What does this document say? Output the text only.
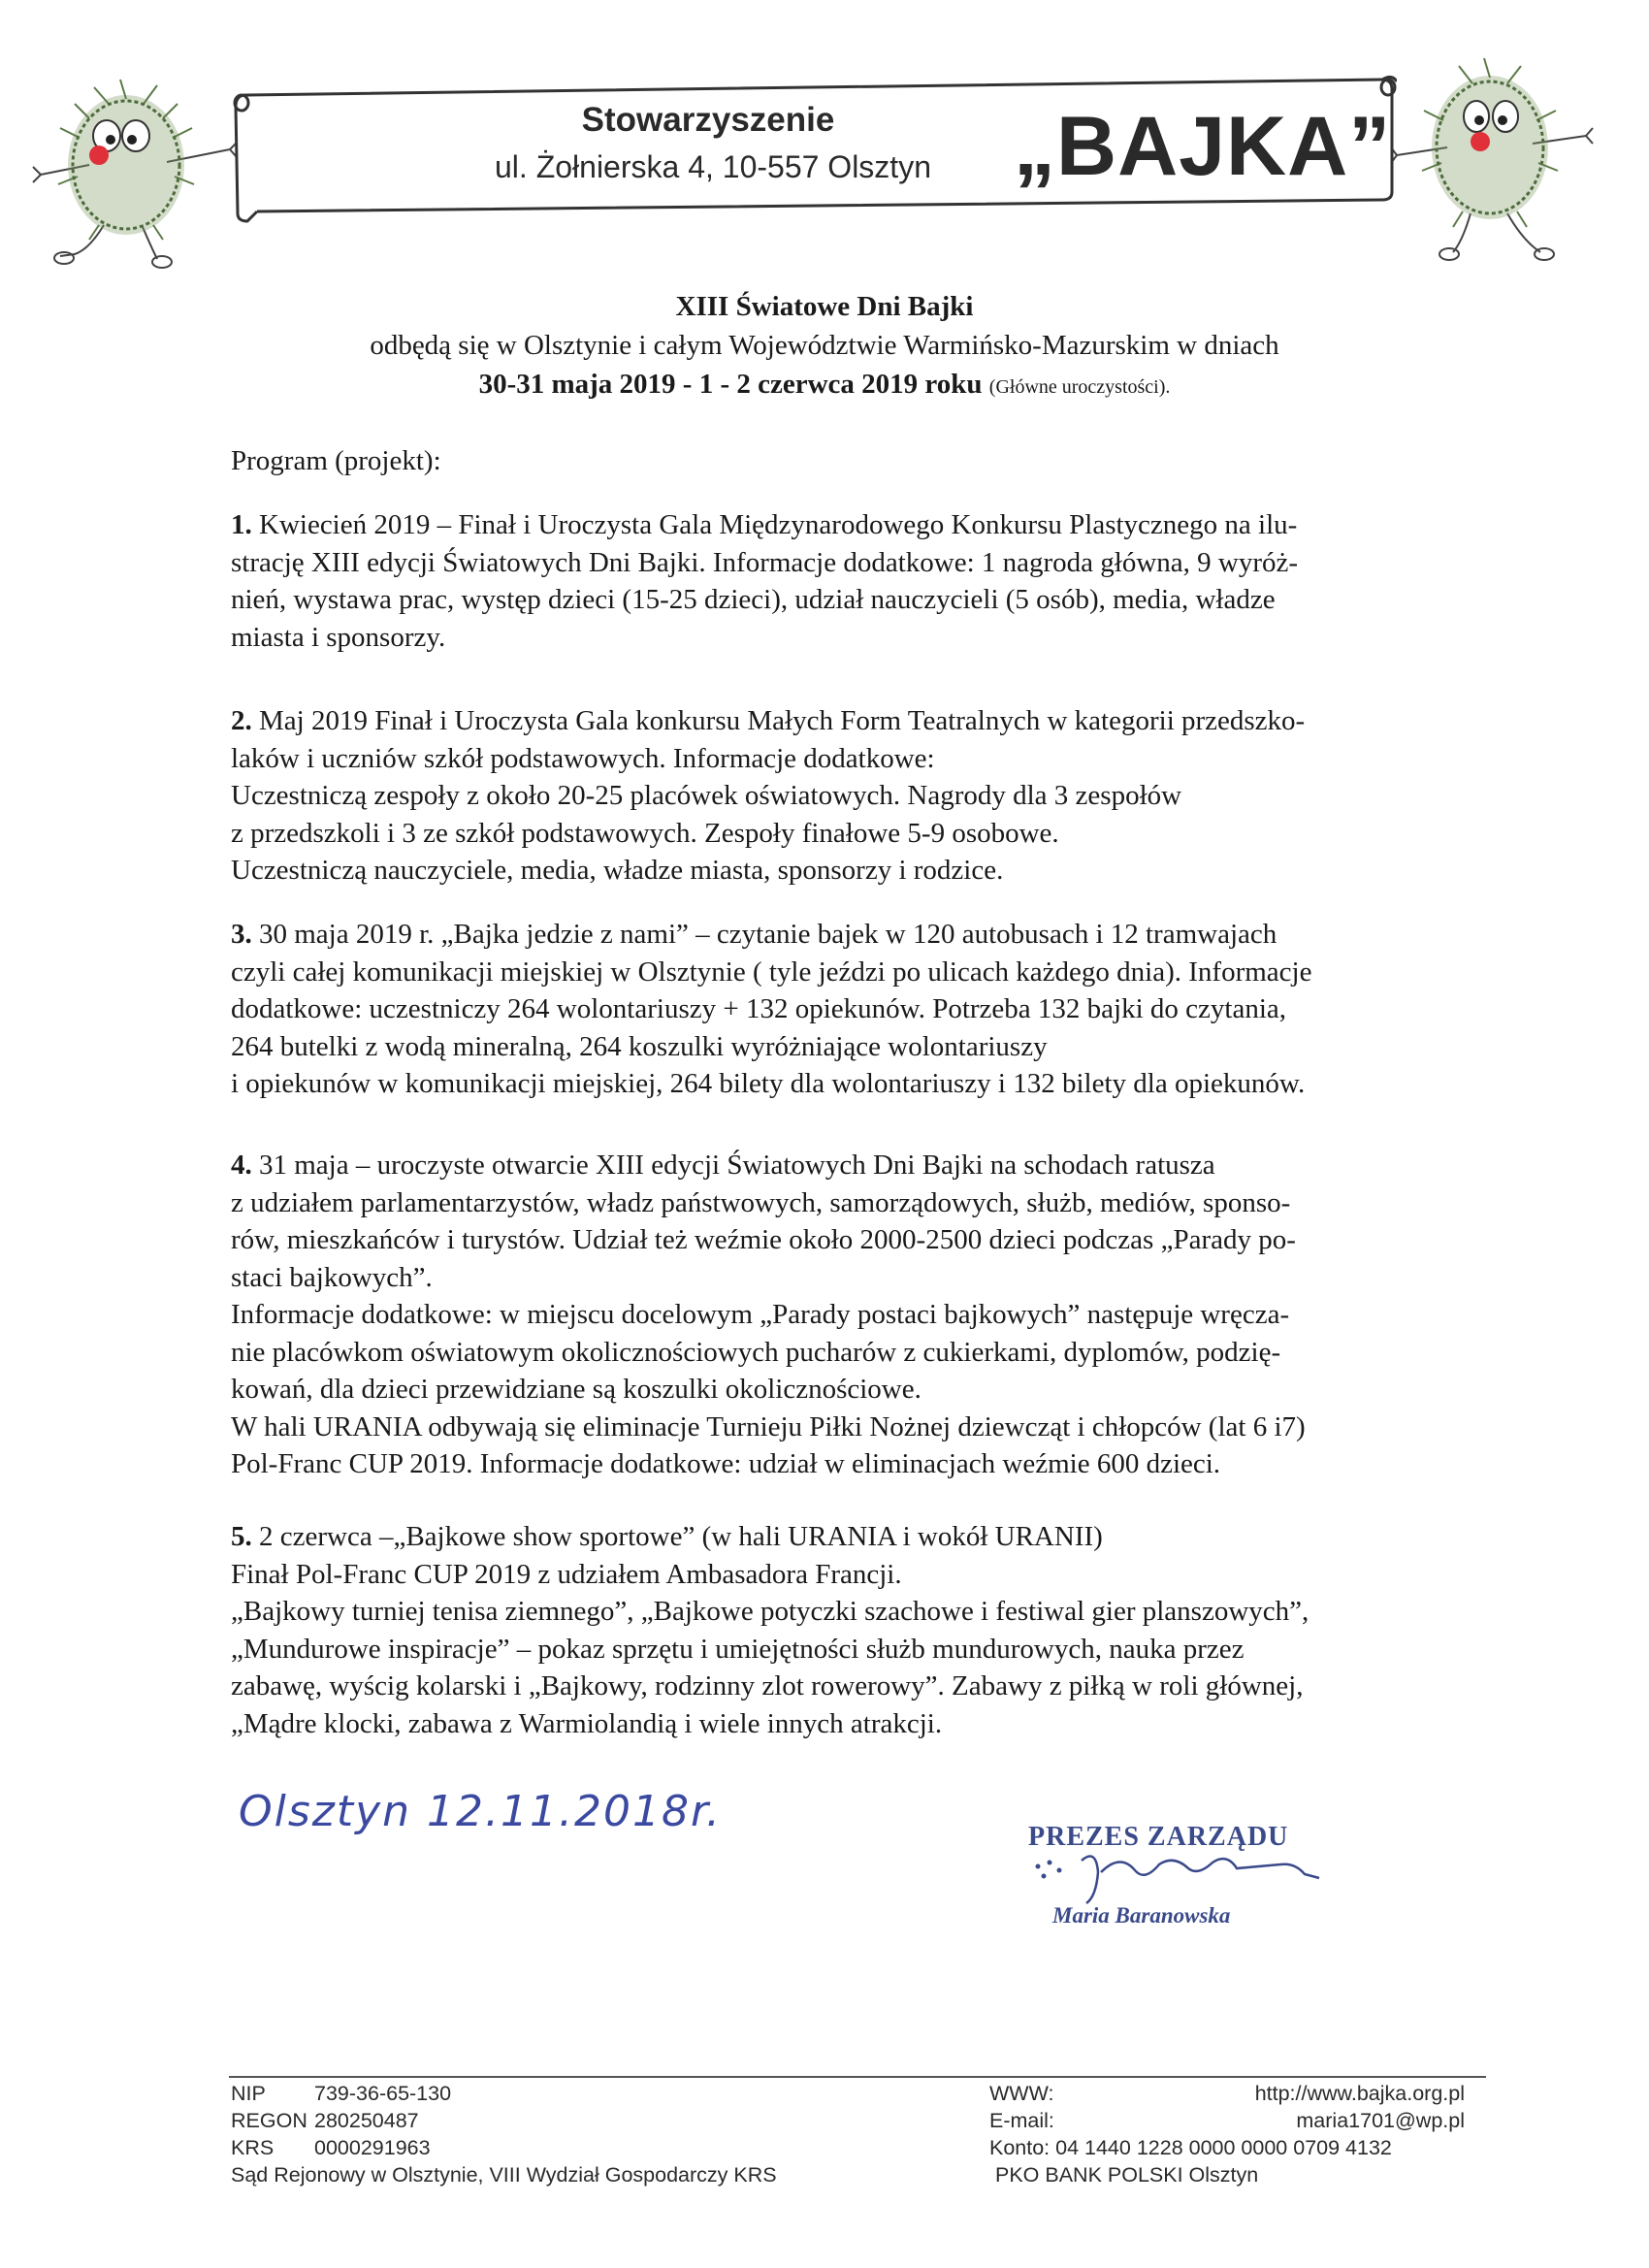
Stowarzyszenie
ul. Żołnierska 4, 10-557 Olsztyn „BAJKA”
XIII Światowe Dni Bajki
odbędą się w Olsztynie i całym Województwie Warmińsko-Mazurskim w dniach
30-31 maja 2019 - 1 - 2 czerwca 2019 roku (Główne uroczystości).
Program (projekt):
1. Kwiecień 2019 – Finał i Uroczysta Gala Międzynarodowego Konkursu Plastycznego na ilu-
strację XIII edycji Światowych Dni Bajki. Informacje dodatkowe: 1 nagroda główna, 9 wyróż-
nień, wystawa prac, występ dzieci (15-25 dzieci), udział nauczycieli (5 osób), media, władze
miasta i sponsorzy.
2. Maj 2019 Finał i Uroczysta Gala konkursu Małych Form Teatralnych w kategorii przedszko-
laków i uczniów szkół podstawowych. Informacje dodatkowe:
Uczestniczą zespoły z około 20-25 placówek oświatowych. Nagrody dla 3 zespołów
z przedszkoli i 3 ze szkół podstawowych. Zespoły finałowe 5-9 osobowe.
Uczestniczą nauczyciele, media, władze miasta, sponsorzy i rodzice.
3. 30 maja 2019 r. „Bajka jedzie z nami” – czytanie bajek w 120 autobusach i 12 tramwajach
czyli całej komunikacji miejskiej w Olsztynie ( tyle jeździ po ulicach każdego dnia). Informacje
dodatkowe: uczestniczy 264 wolontariuszy + 132 opiekunów. Potrzeba 132 bajki do czytania,
264 butelki z wodą mineralną, 264 koszulki wyróżniające wolontariuszy
i opiekunów w komunikacji miejskiej, 264 bilety dla wolontariuszy i 132 bilety dla opiekunów.
4. 31 maja – uroczyste otwarcie XIII edycji Światowych Dni Bajki na schodach ratusza
z udziałem parlamentarzystów, władz państwowych, samorządowych, służb, mediów, sponso-
rów, mieszkańców i turystów. Udział też weźmie około 2000-2500 dzieci podczas „Parady po-
staci bajkowych”.
Informacje dodatkowe: w miejscu docelowym „Parady postaci bajkowych” następuje wręcza-
nie placówkom oświatowym okolicznościowych pucharów z cukierkami, dyplomów, podzię-
kowań, dla dzieci przewidziane są koszulki okolicznościowe.
W hali URANIA odbywają się eliminacje Turnieju Piłki Nożnej dziewcząt i chłopców (lat 6 i7)
Pol-Franc CUP 2019. Informacje dodatkowe: udział w eliminacjach weźmie 600 dzieci.
5. 2 czerwca –„Bajkowe show sportowe” (w hali URANIA i wokół URANII)
Finał Pol-Franc CUP 2019 z udziałem Ambasadora Francji.
„Bajkowy turniej tenisa ziemnego”, „Bajkowe potyczki szachowe i festiwal gier planszowych”,
„Mundurowe inspiracje” – pokaz sprzętu i umiejętności służb mundurowych, nauka przez
zabawę, wyścig kolarski i „Bajkowy, rodzinny zlot rowerowy”. Zabawy z piłką w roli głównej,
„Mądre klocki, zabawa z Warmiolandią i wiele innych atrakcji.
PREZES ZARZĄDU
Maria Baranowska
Olsztyn 12.11.2018r.
NIP 739-36-65-130
REGON 280250487
KRS 0000291963
Sąd Rejonowy w Olsztynie, VIII Wydział Gospodarczy KRS
WWW:	http://www.bajka.org.pl
E-mail:	maria1701@wp.pl
Konto: 04 1440 1228 0000 0000 0709 4132
PKO BANK POLSKI Olsztyn
